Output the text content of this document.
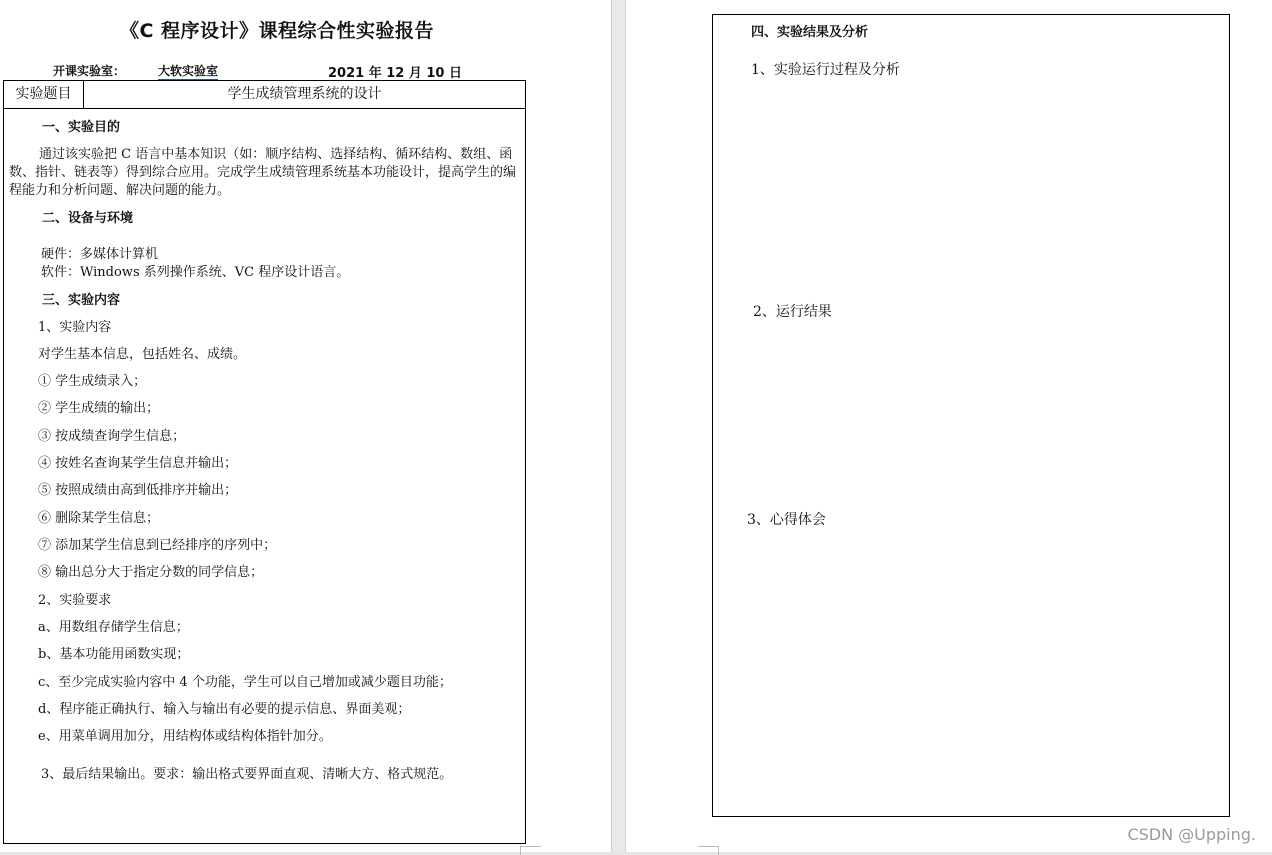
《C 程序设计》课程综合性实验报告
开课实验室：	大软实验室	2021 年 12 月 10 日
实验题目	学生成绩管理系统的设计
一、实验目的
通过该实验把 C 语言中基本知识（如：顺序结构、选择结构、循环结构、数组、函数、指针、链表等）得到综合应用。完成学生成绩管理系统基本功能设计，提高学生的编程能力和分析问题、解决问题的能力。
二、设备与环境
硬件：多媒体计算机
软件：Windows 系列操作系统、VC 程序设计语言。
三、实验内容
1、实验内容
对学生基本信息，包括姓名、成绩。
① 学生成绩录入；
② 学生成绩的输出；
③ 按成绩查询学生信息；
④ 按姓名查询某学生信息并输出；
⑤ 按照成绩由高到低排序并输出；
⑥ 删除某学生信息；
⑦ 添加某学生信息到已经排序的序列中；
⑧ 输出总分大于指定分数的同学信息；
2、实验要求
a、用数组存储学生信息；
b、基本功能用函数实现；
c、至少完成实验内容中 4 个功能，学生可以自己增加或减少题目功能；
d、程序能正确执行、输入与输出有必要的提示信息、界面美观；
e、用菜单调用加分，用结构体或结构体指针加分。
3、最后结果输出。要求：输出格式要界面直观、清晰大方、格式规范。
四、实验结果及分析
1、实验运行过程及分析
2、运行结果
3、心得体会
CSDN @Upping.
